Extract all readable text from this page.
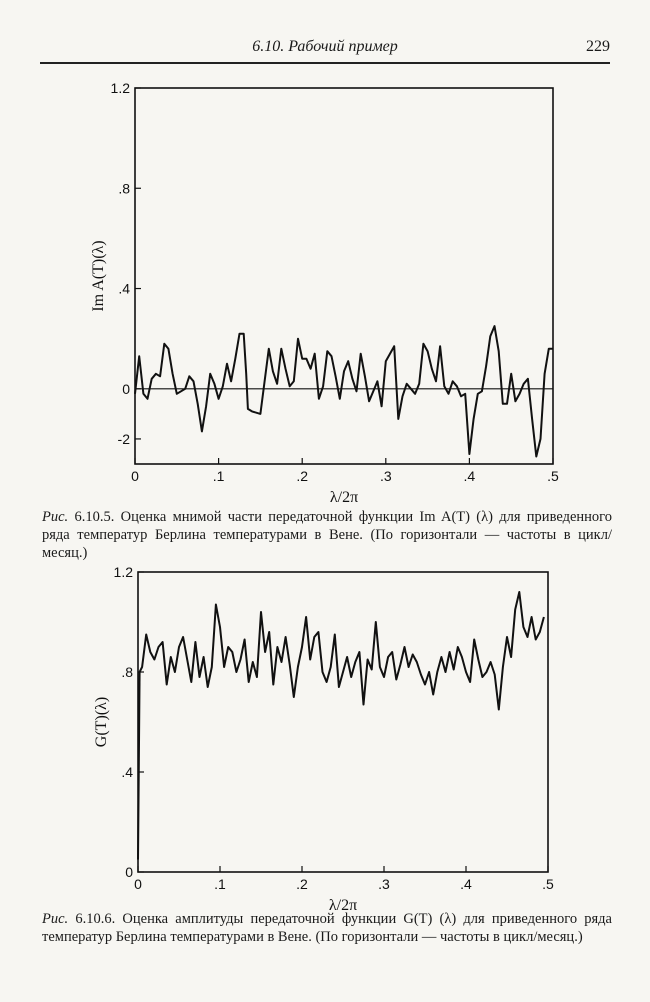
6.10. Рабочий пример	229
0	.1	.2	.3	.4	.5
-2
0
.4
.8
1.2
λ/2π
Im A(T)(λ)
Рис. 6.10.5. Оценка мнимой части передаточной функции Im A(T) (λ) для приведенного ряда температур Берлина температурами в Вене. (По горизонтали — частоты в цикл/месяц.)
0	.1	.2	.3	.4	.5
0
.4
.8
1.2
λ/2π
G(T)(λ)
Рис. 6.10.6. Оценка амплитуды передаточной функции G(T) (λ) для приведенного ряда температур Берлина температурами в Вене. (По горизонтали — частоты в цикл/месяц.)
